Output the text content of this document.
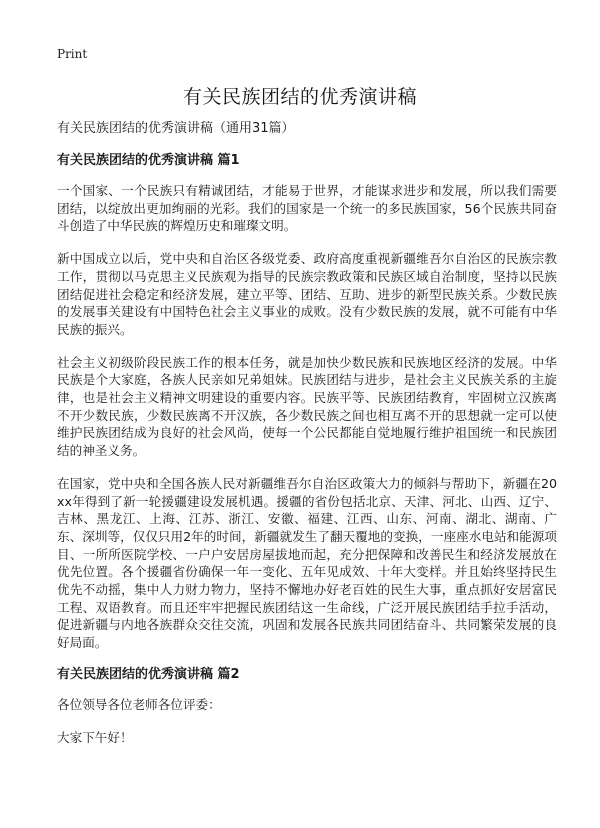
Print
有关民族团结的优秀演讲稿
有关民族团结的优秀演讲稿（通用31篇）
有关民族团结的优秀演讲稿 篇1

一个国家、一个民族只有精诚团结，才能易于世界，才能谋求进步和发展，所以我们需要团结，以绽放出更加绚丽的光彩。我们的国家是一个统一的多民族国家，56个民族共同奋斗创造了中华民族的辉煌历史和璀璨文明。

新中国成立以后，党中央和自治区各级党委、政府高度重视新疆维吾尔自治区的民族宗教工作，贯彻以马克思主义民族观为指导的民族宗教政策和民族区域自治制度，坚持以民族团结促进社会稳定和经济发展，建立平等、团结、互助、进步的新型民族关系。少数民族的发展事关建设有中国特色社会主义事业的成败。没有少数民族的发展，就不可能有中华民族的振兴。

社会主义初级阶段民族工作的根本任务，就是加快少数民族和民族地区经济的发展。中华民族是个大家庭，各族人民亲如兄弟姐妹。民族团结与进步，是社会主义民族关系的主旋律，也是社会主义精神文明建设的重要内容。民族平等、民族团结教育，牢固树立汉族离不开少数民族，少数民族离不开汉族，各少数民族之间也相互离不开的思想就一定可以使维护民族团结成为良好的社会风尚，使每一个公民都能自觉地履行维护祖国统一和民族团结的神圣义务。

在国家，党中央和全国各族人民对新疆维吾尔自治区政策大力的倾斜与帮助下，新疆在20xx年得到了新一轮援疆建设发展机遇。援疆的省份包括北京、天津、河北、山西、辽宁、吉林、黑龙江、上海、江苏、浙江、安徽、福建、江西、山东、河南、湖北、湖南、广东、深圳等，仅仅只用2年的时间，新疆就发生了翻天覆地的变换，一座座水电站和能源项目、一所所医院学校、一户户安居房屋拔地而起，充分把保障和改善民生和经济发展放在优先位置。各个援疆省份确保一年一变化、五年见成效、十年大变样。并且始终坚持民生优先不动摇，集中人力财力物力，坚持不懈地办好老百姓的民生大事，重点抓好安居富民工程、双语教育。而且还牢牢把握民族团结这一生命线，广泛开展民族团结手拉手活动，促进新疆与内地各族群众交往交流，巩固和发展各民族共同团结奋斗、共同繁荣发展的良好局面。

有关民族团结的优秀演讲稿 篇2

各位领导各位老师各位评委：

大家下午好！
